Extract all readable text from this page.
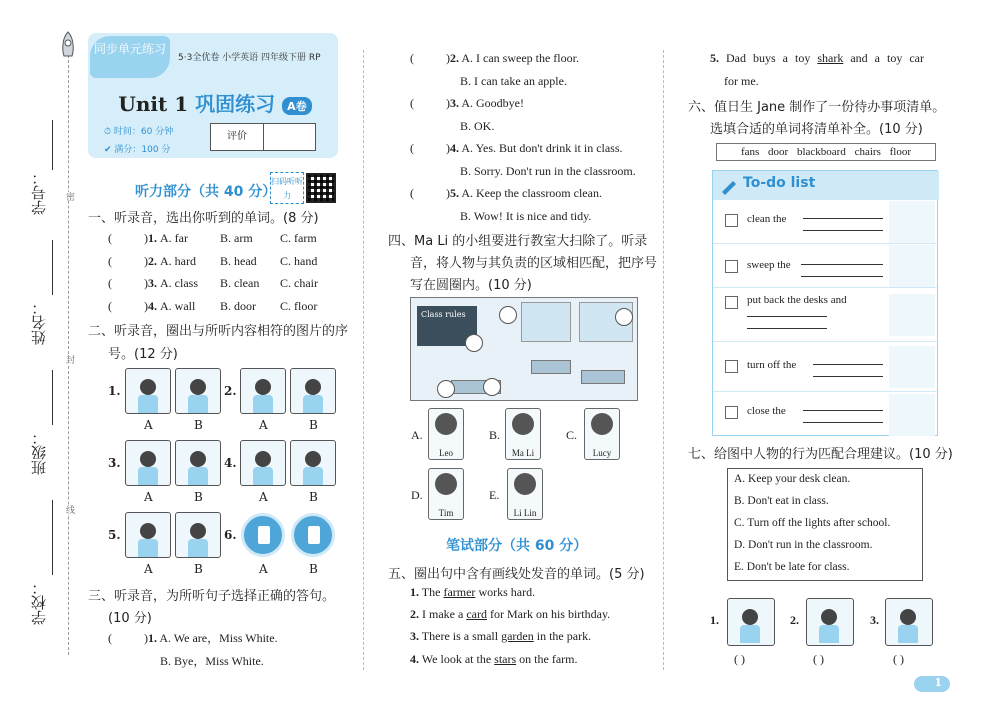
学号：
姓名：
班级：
学校：
密
封
线
同步单元练习
5·3全优卷 小学英语 四年级下册 RP
Unit 1 巩固练习 A卷
⏱ 时间：60 分钟
✔ 满分：100 分
评价
听力部分（共 40 分）
扫码听听力
一、听录音，选出你听到的单词。(8 分)
(	)1. A. far	B. arm C. farm
(	)2. A. hard B. head C. hand
(	)3. A. class B. clean C. chair
(	)4. A. wall B. door C. floor
二、听录音，圈出与所听内容相符的图片的序
号。(12 分)
1.
A	B
2.
A	B
3.
A	B
4.
A	B
5.
A	B
6.
A	B
三、听录音，为所听句子选择正确的答句。
(10 分)
(	)1. A. We are，Miss White.
B. Bye，Miss White.
(	)2. A. I can sweep the floor.
B. I can take an apple.
(	)3. A. Goodbye!
B. OK.
(	)4. A. Yes. But don't drink it in class.
B. Sorry. Don't run in the classroom.
(	)5. A. Keep the classroom clean.
B. Wow! It is nice and tidy.
四、Ma Li 的小组要进行教室大扫除了。听录
音，将人物与其负责的区域相匹配，把序号
写在圆圈内。(10 分)
Class rules
A.
Leo
B.
Ma Li
C.
Lucy
D.
Tim
E.
Li Lin
笔试部分（共 60 分）
五、圈出句中含有画线处发音的单词。(5 分)
1. The farmer works hard.
2. I make a card for Mark on his birthday.
3. There is a small garden in the park.
4. We look at the stars on the farm.
5. Dad buys a toy shark and a toy car
for me.
六、值日生 Jane 制作了一份待办事项清单。
选填合适的单词将清单补全。(10 分)
fans door blackboard chairs floor
To-do list
clean the
sweep the
put back the desks and
turn off the
close the
七、给图中人物的行为匹配合理建议。(10 分)
A. Keep your desk clean.
B. Don't eat in class.
C. Turn off the lights after school.
D. Don't run in the classroom.
E. Don't be late for class.
1.
( )
2.
( )
3.
( )
1
